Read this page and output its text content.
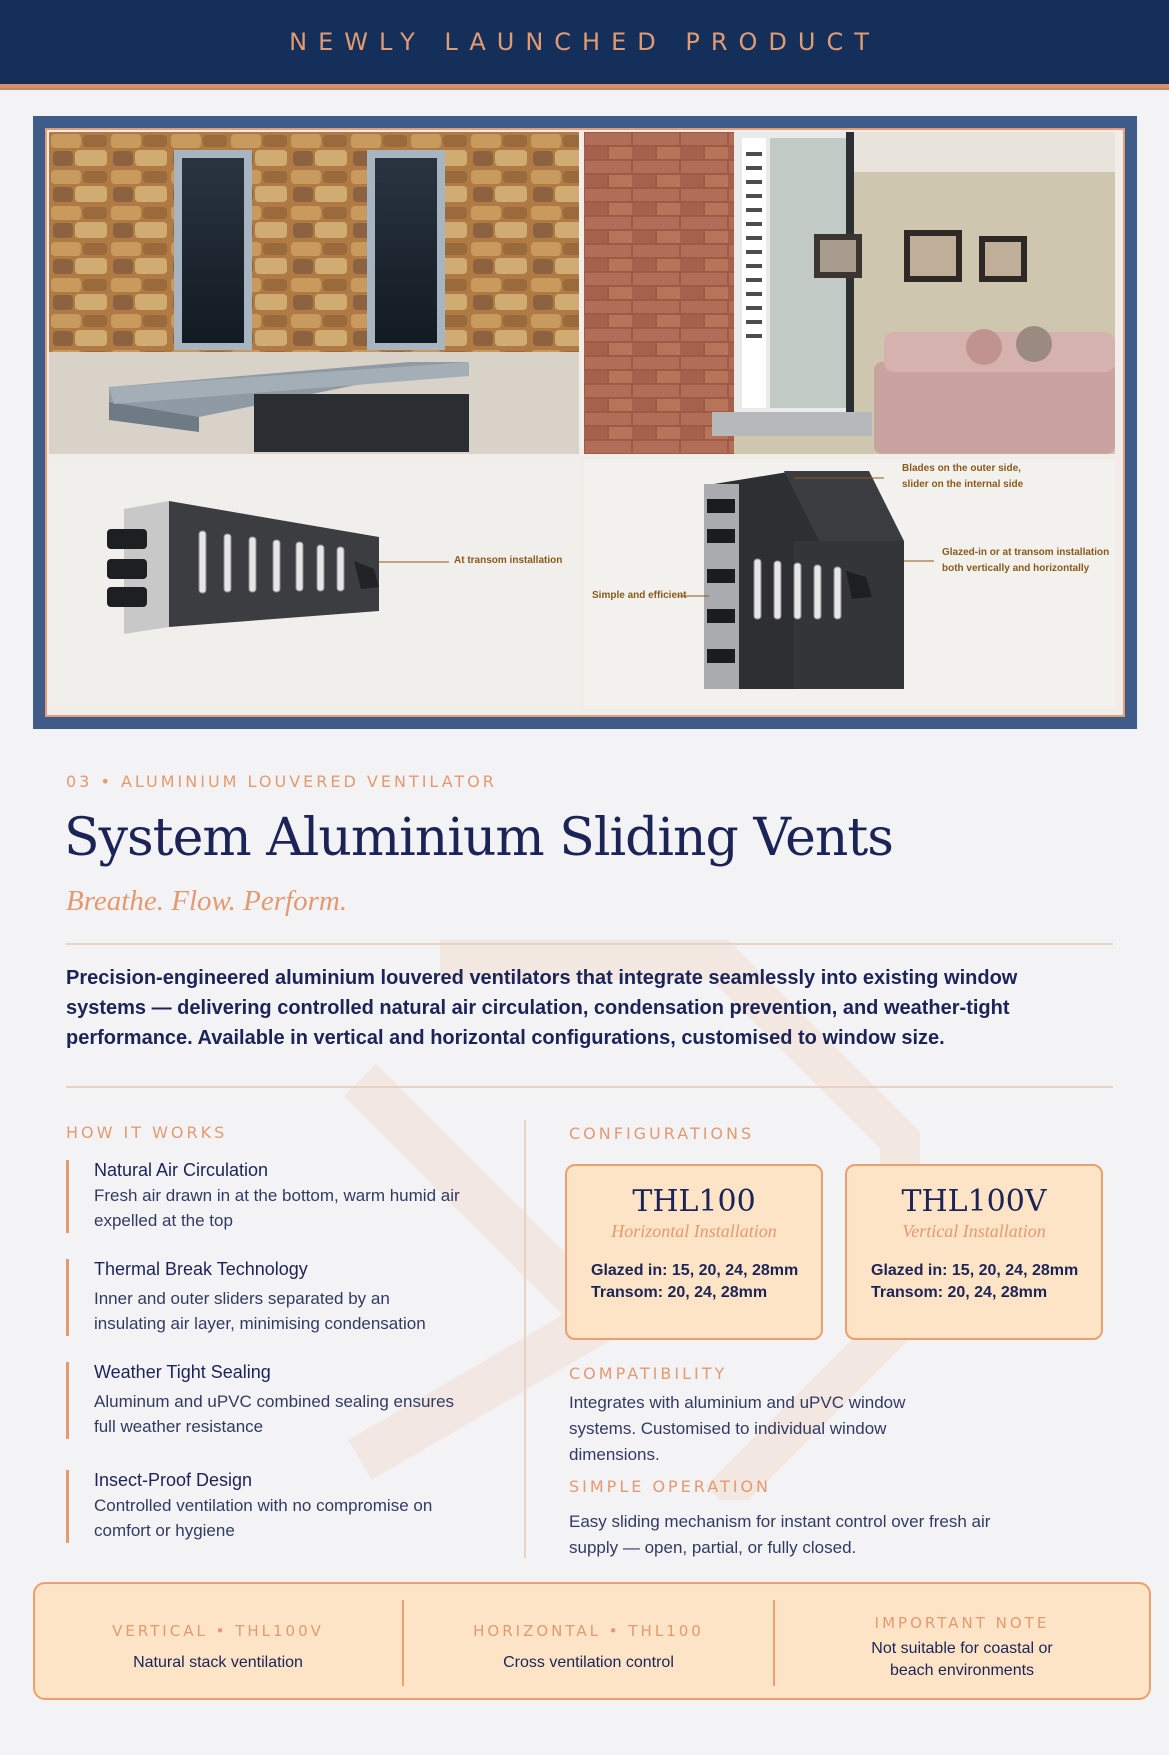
NEWLY LAUNCHED PRODUCT
At transom installation
Blades on the outer side,
slider on the internal side
Glazed-in or at transom installation
both vertically and horizontally
Simple and efficient
03 • ALUMINIUM LOUVERED VENTILATOR
System Aluminium Sliding Vents
Breathe. Flow. Perform.
Precision-engineered aluminium louvered ventilators that integrate seamlessly into existing window systems — delivering controlled natural air circulation, condensation prevention, and weather-tight performance. Available in vertical and horizontal configurations, customised to window size.
HOW IT WORKS
Natural Air Circulation
Fresh air drawn in at the bottom, warm humid air expelled at the top
Thermal Break Technology
Inner and outer sliders separated by an insulating air layer, minimising condensation
Weather Tight Sealing
Aluminum and uPVC combined sealing ensures full weather resistance
Insect-Proof Design
Controlled ventilation with no compromise on comfort or hygiene
CONFIGURATIONS
THL100
Horizontal Installation
Glazed in: 15, 20, 24, 28mm
Transom: 20, 24, 28mm
THL100V
Vertical Installation
Glazed in: 15, 20, 24, 28mm
Transom: 20, 24, 28mm
COMPATIBILITY
Integrates with aluminium and uPVC window systems. Customised to individual window dimensions.
SIMPLE OPERATION
Easy sliding mechanism for instant control over fresh air supply — open, partial, or fully closed.
VERTICAL • THL100V
Natural stack ventilation
HORIZONTAL • THL100
Cross ventilation control
IMPORTANT NOTE
Not suitable for coastal or beach environments
